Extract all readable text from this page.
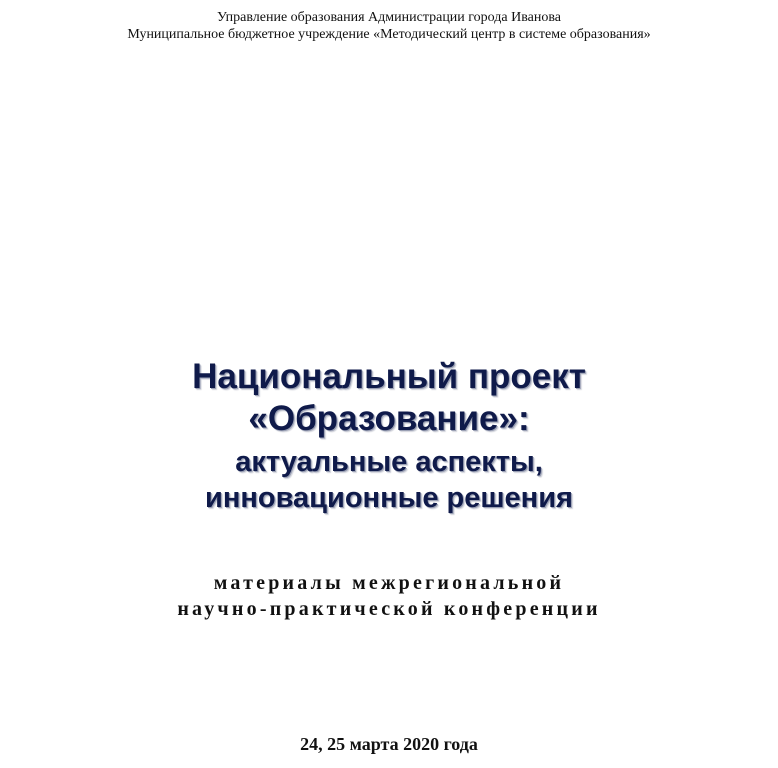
Управление образования Администрации города Иванова
Муниципальное бюджетное учреждение «Методический центр в системе образования»
Национальный проект
«Образование»:
актуальные аспекты,
инновационные решения
материалы межрегиональной
научно-практической конференции
24, 25 марта 2020 года
